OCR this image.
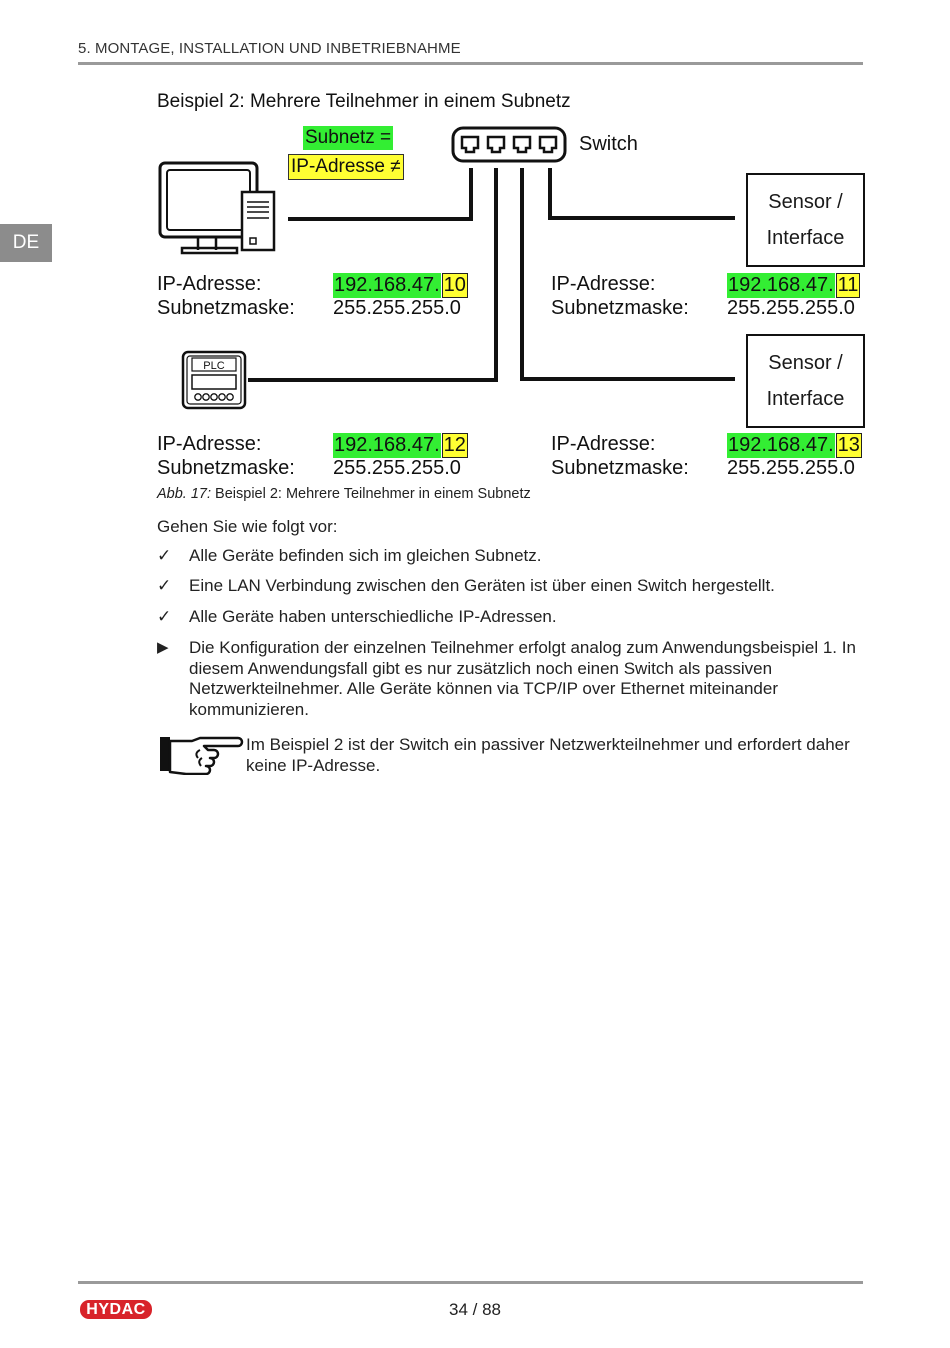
5. MONTAGE, INSTALLATION UND INBETRIEBNAHME
DE
Beispiel 2: Mehrere Teilnehmer in einem Subnetz
PLC
Subnetz =
IP-Adresse ≠
Switch
Sensor /
Interface
Sensor /
Interface
IP-Adresse:	192.168.47. 10
Subnetzmaske: 255.255.255.0
IP-Adresse:	192.168.47. 11
Subnetzmaske: 255.255.255.0
IP-Adresse:	192.168.47. 12
Subnetzmaske: 255.255.255.0
IP-Adresse:	192.168.47. 13
Subnetzmaske: 255.255.255.0
Abb. 17: Beispiel 2: Mehrere Teilnehmer in einem Subnetz
Gehen Sie wie folgt vor:
✓	Alle Geräte befinden sich im gleichen Subnetz.
✓	Eine LAN Verbindung zwischen den Geräten ist über einen Switch hergestellt.
✓	Alle Geräte haben unterschiedliche IP-Adressen.
▶	Die Konfiguration der einzelnen Teilnehmer erfolgt analog zum Anwendungsbeispiel 1. In diesem Anwendungsfall gibt es nur zusätzlich noch einen Switch als passiven Netzwerkteilnehmer. Alle Geräte können via TCP/IP over Ethernet miteinander kommunizieren.
Im Beispiel 2 ist der Switch ein passiver Netzwerkteilnehmer und erfordert daher keine IP-Adresse.
HYDAC	34 / 88
